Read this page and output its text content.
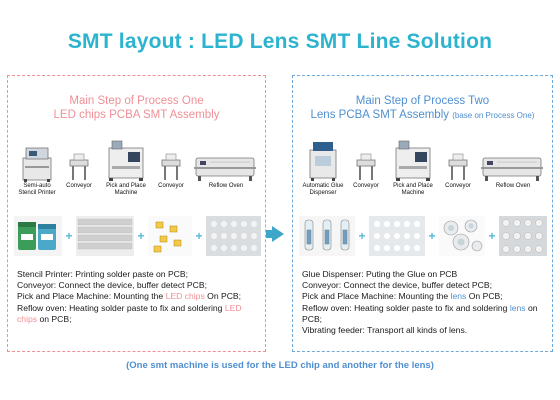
SMT layout : LED Lens SMT Line Solution
Main Step of Process One
LED chips PCBA SMT Assembly
Semi-auto Stencil Printer
Conveyor	Pick and Place Machine
Conveyor	Reflow Oven
+	+	+
Stencil Printer: Printing solder paste on PCB;
Conveyor: Connect the device, buffer detect PCB;
Pick and Place Machine: Mounting the LED chips On PCB;
Reflow oven: Heating solder paste to fix and soldering LED chips on PCB;
Main Step of Process Two
Lens PCBA SMT Assembly (base on Process One)
Automatic Glue Dispenser
Conveyor	Pick and Place Machine
Conveyor	Reflow Oven
+	+	+
Glue Dispenser: Puting the Glue on PCB
Conveyor: Connect the device, buffer detect PCB;
Pick and Place Machine: Mounting the lens On PCB;
Reflow oven: Heating solder paste to fix and soldering lens on PCB;
Vibrating feeder: Transport all kinds of lens.
(One smt machine is used for the LED chip and another for the lens)
